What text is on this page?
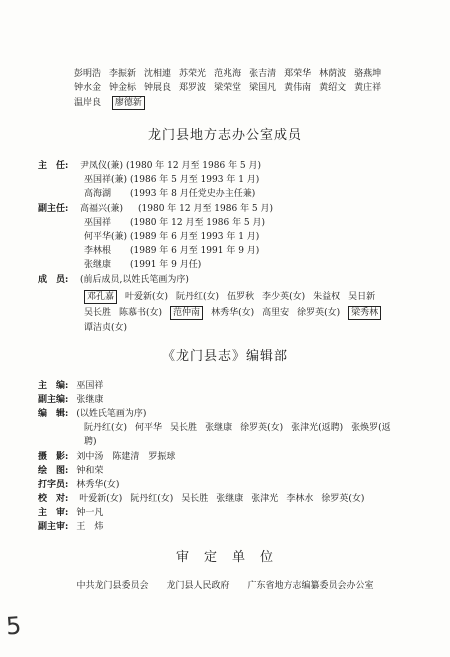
彭明浩 李振新 沈相連 苏荣光 范兆海 张吉清 郑荣华 林荫波 骆燕坤
钟水金 钟金标 钟展良 郑罗波 梁荣堂 梁国凡 黄伟南 黄绍文 黄庄祥
温岸良 廖德新
龙门县地方志办公室成员
主　任: 尹凤仪(兼) (1980 年 12 月至 1986 年 5 月)
巫国祥(兼) (1986 年 5 月至 1993 年 1 月)
高海湖 (1993 年 8 月任党史办主任兼)
副主任: 高福兴(兼) (1980 年 12 月至 1986 年 5 月)
巫国祥 (1980 年 12 月至 1986 年 5 月)
何平华(兼) (1989 年 6 月至 1993 年 1 月)
李林根 (1989 年 6 月至 1991 年 9 月)
张继康 (1991 年 9 月任)
成　员: (前后成员,以姓氏笔画为序)
邓孔嘉 叶爱新(女) 阮丹红(女) 伍罗秋 李少英(女) 朱益权 吴日新
吴长胜 陈慕书(女) 范仲南 林秀华(女) 高里安 徐罗英(女) 梁秀林
谭洁贞(女)
《龙门县志》编辑部
主　编: 巫国祥
副主编: 张继康
编　辑: (以姓氏笔画为序)
阮丹红(女) 何平华 吴长胜 张继康 徐罗英(女) 张津光(返聘) 张焕罗(返
聘)
摄　影: 刘中汤　陈建清　罗振球
绘　图: 钟和荣
打字员: 林秀华(女)
校　对: 叶爱新(女) 阮丹红(女) 吴长胜 张继康 张津光 李林水 徐罗英(女)
主　审: 钟一凡
副主审: 王　炜
审　定　单　位
中共龙门县委员会 龙门县人民政府 广东省地方志编纂委员会办公室
5
